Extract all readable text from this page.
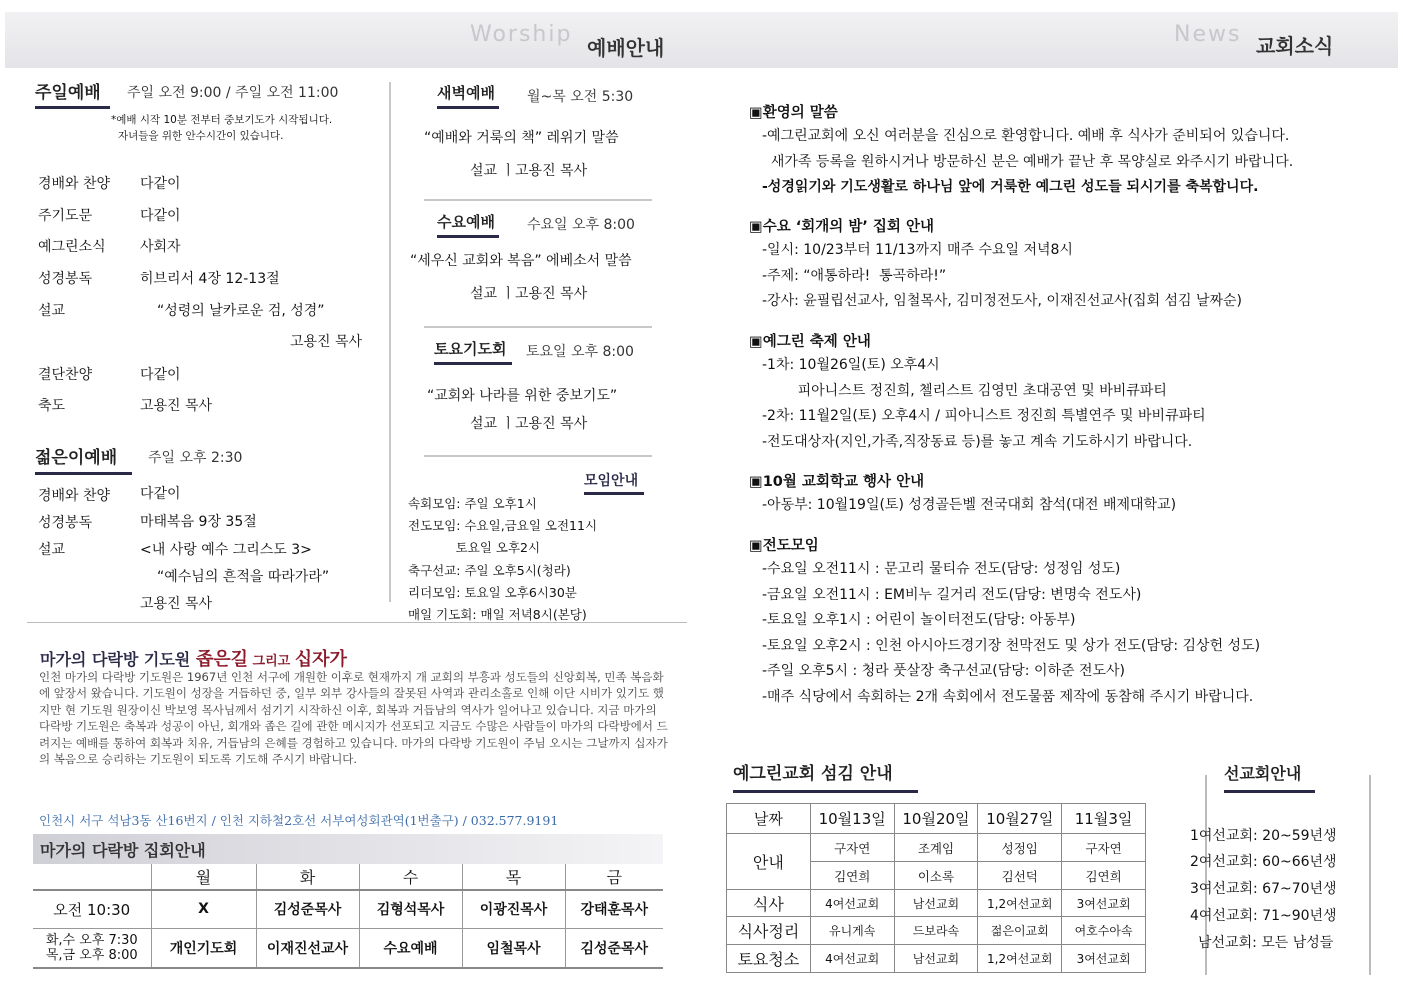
Worship
예배안내
News 교회소식
주일예배	주일 오전 9:00 / 주일 오전 11:00
*예배 시작 10분 전부터 중보기도가 시작됩니다.
자녀들을 위한 안수시간이 있습니다.
경배와 찬양 다같이
주기도문	다같이
예그린소식 사회자
성경봉독	히브리서 4장 12-13절
설교	“성령의 날카로운 검, 성경”
고용진 목사
결단찬양	다같이
축도	고용진 목사
젊은이예배	주일 오후 2:30
경배와 찬양 다같이
성경봉독	마태복음 9장 35절
설교	<내 사랑 예수 그리스도 3>
“예수님의 흔적을 따라가라”
고용진 목사
새벽예배 월~목 오전 5:30
“예배와 거룩의 책” 레위기 말씀
설교 ㅣ고용진 목사
수요예배 수요일 오후 8:00
“세우신 교회와 복음” 에베소서 말씀
설교 ㅣ고용진 목사
토요기도회	토요일 오후 8:00
“교회와 나라를 위한 중보기도”
설교 ㅣ고용진 목사
모임안내
속회모임: 주일 오후1시
전도모임: 수요일,금요일 오전11시
토요일 오후2시
축구선교: 주일 오후5시(청라)
리더모임: 토요일 오후6시30분
매일 기도회: 매일 저녁8시(본당)
마가의 다락방 기도원 좁은길 그리고 십자가
인천 마가의 다락방 기도원은 1967년 인천 서구에 개원한 이후로 현재까지 개 교회의 부흥과 성도들의 신앙회복, 민족 복음화에 앞장서 왔습니다. 기도원이 성장을 거듭하던 중, 일부 외부 강사들의 잘못된 사역과 관리소홀로 인해 이단 시비가 있기도 했지만 현 기도원 원장이신 박보영 목사님께서 섬기기 시작하신 이후, 회복과 거듭남의 역사가 일어나고 있습니다. 지금 마가의 다락방 기도원은 축복과 성공이 아닌, 회개와 좁은 길에 관한 메시지가 선포되고 지금도 수많은 사람들이 마가의 다락방에서 드려지는 예배를 통하여 회복과 치유, 거듭남의 은혜를 경험하고 있습니다. 마가의 다락방 기도원이 주님 오시는 그날까지 십자가의 복음으로 승리하는 기도원이 되도록 기도해 주시기 바랍니다.
인천시 서구 석남3동 산16번지 / 인천 지하철2호선 서부여성회관역(1번출구) / 032.577.9191
마가의 다락방 집회안내
	월	화	수	목	금
오전 10:30	X	김성준목사	김형석목사	이광진목사	강태훈목사

화,수 오후 7:30
목,금 오후 8:00	개인기도회	이재진선교사	수요예배	임철목사	김성준목사
▣환영의 말씀
-예그린교회에 오신 여러분을 진심으로 환영합니다. 예배 후 식사가 준비되어 있습니다.
새가족 등록을 원하시거나 방문하신 분은 예배가 끝난 후 목양실로 와주시기 바랍니다.
-성경읽기와 기도생활로 하나님 앞에 거룩한 예그린 성도들 되시기를 축복합니다.
▣수요 ‘회개의 밤’ 집회 안내
-일시: 10/23부터 11/13까지 매주 수요일 저녁8시
-주제: “애통하라!  통곡하라!”
-강사: 윤필립선교사, 임철목사, 김미정전도사, 이재진선교사(집회 섬김 날짜순)
▣예그린 축제 안내
-1차: 10월26일(토) 오후4시
피아니스트 정진희, 첼리스트 김영민 초대공연 및 바비큐파티
-2차: 11월2일(토) 오후4시 / 피아니스트 정진희 특별연주 및 바비큐파티
-전도대상자(지인,가족,직장동료 등)를 놓고 계속 기도하시기 바랍니다.
▣10월 교회학교 행사 안내
-아동부: 10월19일(토) 성경골든벨 전국대회 참석(대전 배제대학교)
▣전도모임
-수요일 오전11시 : 문고리 물티슈 전도(담당: 성정임 성도)
-금요일 오전11시 : EM비누 길거리 전도(담당: 변명숙 전도사)
-토요일 오후1시 : 어린이 놀이터전도(담당: 아동부)
-토요일 오후2시 : 인천 아시아드경기장 천막전도 및 상가 전도(담당: 김상헌 성도)
-주일 오후5시 : 청라 풋살장 축구선교(담당: 이하준 전도사)
-매주 식당에서 속회하는 2개 속회에서 전도물품 제작에 동참해 주시기 바랍니다.
예그린교회 섬김 안내
날짜	10월13일	10월20일	10월27일	11월3일
안내	구자연	조계임	성정임	구자연
	김연희	이소록	김선덕	김연희
식사	4여선교회	남선교회	1,2여선교회	3여선교회
식사정리	유니게속	드보라속	젊은이교회	여호수아속
토요청소	4여선교회	남선교회	1,2여선교회	3여선교회
선교회안내
1여선교회: 20~59년생
2여선교회: 60~66년생
3여선교회: 67~70년생
4여선교회: 71~90년생
남선교회: 모든 남성들
